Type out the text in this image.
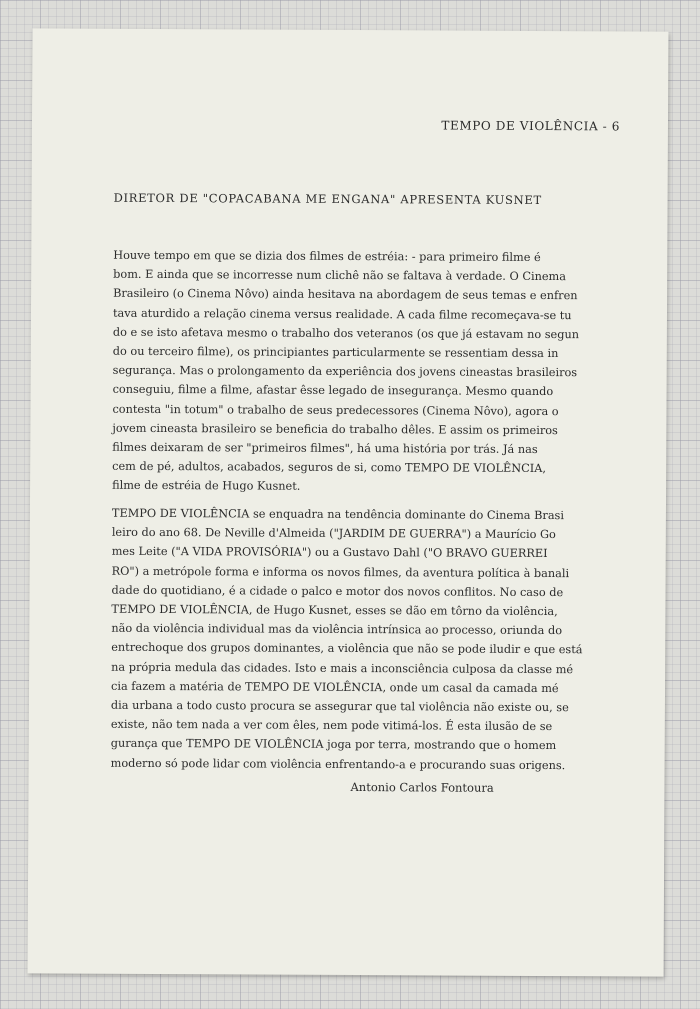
TEMPO DE VIOLÊNCIA - 6
DIRETOR DE "COPACABANA ME ENGANA" APRESENTA KUSNET
Houve tempo em que se dizia dos filmes de estréia: - para primeiro filme é
bom. E ainda que se incorresse num clichê não se faltava à verdade. O Cinema
Brasileiro (o Cinema Nôvo) ainda hesitava na abordagem de seus temas e enfren
tava aturdido a relação cinema versus realidade. A cada filme recomeçava-se tu
do e se isto afetava mesmo o trabalho dos veteranos (os que já estavam no segun
do ou terceiro filme), os principiantes particularmente se ressentiam dessa in
segurança. Mas o prolongamento da experiência dos jovens cineastas brasileiros
conseguiu, filme a filme, afastar êsse legado de insegurança. Mesmo quando
contesta "in totum" o trabalho de seus predecessores (Cinema Nôvo), agora o
jovem cineasta brasileiro se beneficia do trabalho dêles. E assim os primeiros
filmes deixaram de ser "primeiros filmes", há uma história por trás. Já nas
cem de pé, adultos, acabados, seguros de si, como TEMPO DE VIOLÊNCIA,
filme de estréia de Hugo Kusnet.
TEMPO DE VIOLÊNCIA se enquadra na tendência dominante do Cinema Brasi
leiro do ano 68. De Neville d'Almeida ("JARDIM DE GUERRA") a Maurício Go
mes Leite ("A VIDA PROVISÓRIA") ou a Gustavo Dahl ("O BRAVO GUERREI
RO") a metrópole forma e informa os novos filmes, da aventura política à banali
dade do quotidiano, é a cidade o palco e motor dos novos conflitos. No caso de
TEMPO DE VIOLÊNCIA, de Hugo Kusnet, esses se dão em tôrno da violência,
não da violência individual mas da violência intrínsica ao processo, oriunda do
entrechoque dos grupos dominantes, a violência que não se pode iludir e que está
na própria medula das cidades. Isto e mais a inconsciência culposa da classe mé
cia fazem a matéria de TEMPO DE VIOLÊNCIA, onde um casal da camada mé
dia urbana a todo custo procura se assegurar que tal violência não existe ou, se
existe, não tem nada a ver com êles, nem pode vitimá-los. É esta ilusão de se
gurança que TEMPO DE VIOLÊNCIA joga por terra, mostrando que o homem
moderno só pode lidar com violência enfrentando-a e procurando suas origens.
Antonio Carlos Fontoura
